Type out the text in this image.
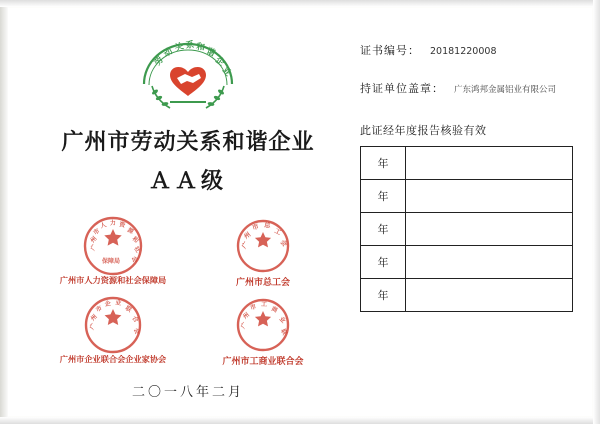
劳
动
关 系 和 谐
企
业
广州市劳动关系和谐企业
ＡＡ级
广
州
市
人 力 资
源
和
社
会
保障局
广州市人力资源和社会保障局
广
州
市 总
工
会
广州市总工会
广
州
市
企 业
联
合
会
广州市企业联合会企业家协会
广
州
市 工
商
业
联
广州市工商业联合会
二〇一八年二月
证书编号： 20181220008
持证单位盖章： 广东鸿邦金属铝业有限公司
此证经年度报告核验有效
年	
年	
年	
年	
年	
